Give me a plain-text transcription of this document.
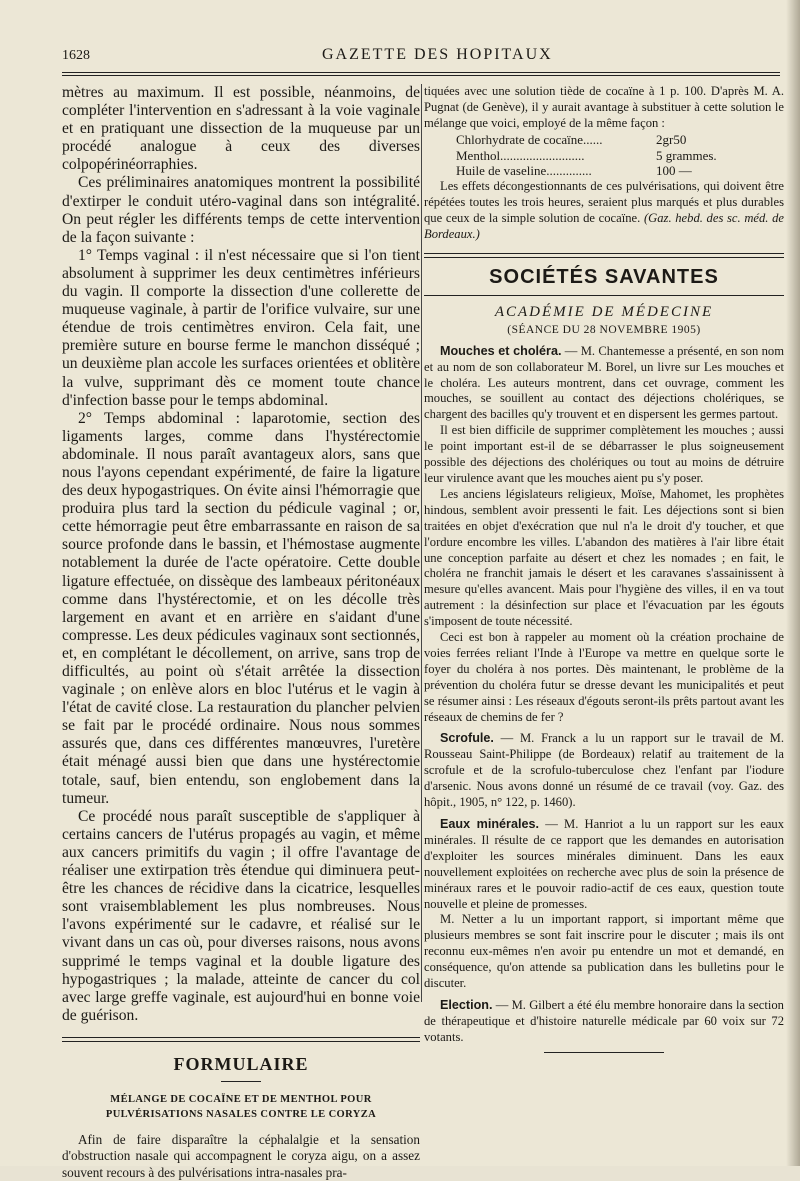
1628	GAZETTE DES HOPITAUX

mètres au maximum. Il est possible, néanmoins, de compléter l'intervention en s'adressant à la voie vaginale et en pratiquant une dissection de la muqueuse par un procédé analogue à ceux des diverses colpopérinéorraphies.

Ces préliminaires anatomiques montrent la possibilité d'extirper le conduit utéro-vaginal dans son intégralité. On peut régler les différents temps de cette intervention de la façon suivante :

1° Temps vaginal : il n'est nécessaire que si l'on tient absolument à supprimer les deux centimètres inférieurs du vagin. Il comporte la dissection d'une collerette de muqueuse vaginale, à partir de l'orifice vulvaire, sur une étendue de trois centimètres environ. Cela fait, une première suture en bourse ferme le manchon disséqué ; un deuxième plan accole les surfaces orientées et oblitère la vulve, supprimant dès ce moment toute chance d'infection basse pour le temps abdominal.

2° Temps abdominal : laparotomie, section des ligaments larges, comme dans l'hystérectomie abdominale. Il nous paraît avantageux alors, sans que nous l'ayons cependant expérimenté, de faire la ligature des deux hypogastriques. On évite ainsi l'hémorragie que produira plus tard la section du pédicule vaginal ; or, cette hémorragie peut être embarrassante en raison de sa source profonde dans le bassin, et l'hémostase augmente notablement la durée de l'acte opératoire. Cette double ligature effectuée, on dissèque des lambeaux péritonéaux comme dans l'hystérectomie, et on les décolle très largement en avant et en arrière en s'aidant d'une compresse. Les deux pédicules vaginaux sont sectionnés, et, en complétant le décollement, on arrive, sans trop de difficultés, au point où s'était arrêtée la dissection vaginale ; on enlève alors en bloc l'utérus et le vagin à l'état de cavité close. La restauration du plancher pelvien se fait par le procédé ordinaire. Nous nous sommes assurés que, dans ces différentes manœuvres, l'uretère était ménagé aussi bien que dans une hystérectomie totale, sauf, bien entendu, son englobement dans la tumeur.

Ce procédé nous paraît susceptible de s'appliquer à certains cancers de l'utérus propagés au vagin, et même aux cancers primitifs du vagin ; il offre l'avantage de réaliser une extirpation très étendue qui diminuera peut-être les chances de récidive dans la cicatrice, lesquelles sont vraisemblablement les plus nombreuses. Nous l'avons expérimenté sur le cadavre, et réalisé sur le vivant dans un cas où, pour diverses raisons, nous avons supprimé le temps vaginal et la double ligature des hypogastriques ; la malade, atteinte de cancer du col avec large greffe vaginale, est aujourd'hui en bonne voie de guérison.

FORMULAIRE

MÉLANGE DE COCAÏNE ET DE MENTHOL POUR PULVÉRISATIONS NASALES CONTRE LE CORYZA

Afin de faire disparaître la céphalalgie et la sensation d'obstruction nasale qui accompagnent le coryza aigu, on a assez souvent recours à des pulvérisations intra-nasales pra-

tiquées avec une solution tiède de cocaïne à 1 p. 100. D'après M. A. Pugnat (de Genève), il y aurait avantage à substituer à cette solution le mélange que voici, employé de la même façon :

Chlorhydrate de cocaïne......	2gr50
Menthol..........................	5 grammes.
Huile de vaseline..............	100 —

Les effets décongestionnants de ces pulvérisations, qui doivent être répétées toutes les trois heures, seraient plus marqués et plus durables que ceux de la simple solution de cocaïne. (Gaz. hebd. des sc. méd. de Bordeaux.)

SOCIÉTÉS SAVANTES
ACADÉMIE DE MÉDECINE
(SÉANCE DU 28 NOVEMBRE 1905)

Mouches et choléra. — M. Chantemesse a présenté, en son nom et au nom de son collaborateur M. Borel, un livre sur Les mouches et le choléra. Les auteurs montrent, dans cet ouvrage, comment les mouches, se souillent au contact des déjections cholériques, se chargent des bacilles qu'y trouvent et en dispersent les germes partout.

Il est bien difficile de supprimer complètement les mouches ; aussi le point important est-il de se débarrasser le plus soigneusement possible des déjections des cholériques ou tout au moins de détruire leur virulence avant que les mouches aient pu s'y poser.

Les anciens législateurs religieux, Moïse, Mahomet, les prophètes hindous, semblent avoir pressenti le fait. Les déjections sont si bien traitées en objet d'exécration que nul n'a le droit d'y toucher, et que l'ordure encombre les villes. L'abandon des matières à l'air libre était une conception parfaite au désert et chez les nomades ; en fait, le choléra ne franchit jamais le désert et les caravanes s'assainissent à mesure qu'elles avancent. Mais pour l'hygiène des villes, il en va tout autrement : la désinfection sur place et l'évacuation par les égouts s'imposent de toute nécessité.

Ceci est bon à rappeler au moment où la création prochaine de voies ferrées reliant l'Inde à l'Europe va mettre en quelque sorte le foyer du choléra à nos portes. Dès maintenant, le problème de la prévention du choléra futur se dresse devant les municipalités et peut se résumer ainsi : Les réseaux d'égouts seront-ils prêts partout avant les réseaux de chemins de fer ?

Scrofule. — M. Franck a lu un rapport sur le travail de M. Rousseau Saint-Philippe (de Bordeaux) relatif au traitement de la scrofule et de la scrofulo-tuberculose chez l'enfant par l'iodure d'arsenic. Nous avons donné un résumé de ce travail (voy. Gaz. des hôpit., 1905, n° 122, p. 1460).

Eaux minérales. — M. Hanriot a lu un rapport sur les eaux minérales. Il résulte de ce rapport que les demandes en autorisation d'exploiter les sources minérales diminuent. Dans les eaux nouvellement exploitées on recherche avec plus de soin la présence de minéraux rares et le pouvoir radio-actif de ces eaux, question toute nouvelle et pleine de promesses.

M. Netter a lu un important rapport, si important même que plusieurs membres se sont fait inscrire pour le discuter ; mais ils ont reconnu eux-mêmes n'en avoir pu entendre un mot et demandé, en conséquence, qu'on attende sa publication dans les bulletins pour le discuter.

Election. — M. Gilbert a été élu membre honoraire dans la section de thérapeutique et d'histoire naturelle médicale par 60 voix sur 72 votants.
